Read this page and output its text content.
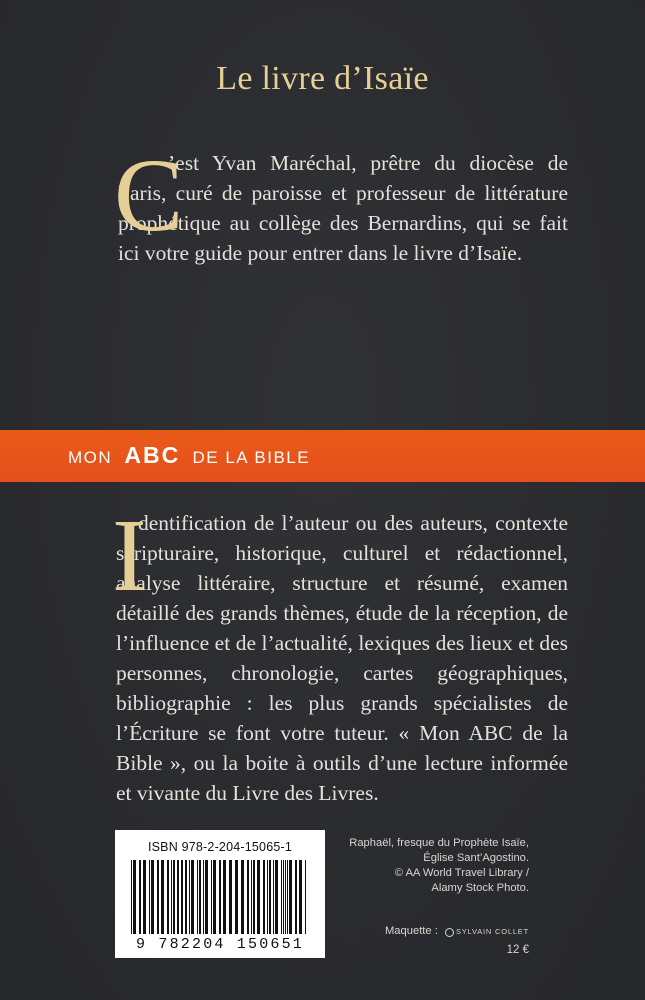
Le livre d’Isaïe
C
’est Yvan Maréchal, prêtre du diocèse de Paris, curé de paroisse et professeur de littérature prophétique au collège des Bernardins, qui se fait ici votre guide pour entrer dans le livre d’Isaïe.
MON ABC DE LA BIBLE
I
dentification de l’auteur ou des auteurs, contexte scripturaire, historique, culturel et rédactionnel, analyse littéraire, structure et résumé, examen détaillé des grands thèmes, étude de la réception, de l’influence et de l’actualité, lexiques des lieux et des personnes, chronologie, cartes géographiques, bibliographie : les plus grands spécialistes de l’Écriture se font votre tuteur. « Mon ABC de la Bible », ou la boite à outils d’une lecture informée et vivante du Livre des Livres.
ISBN 978-2-204-15065-1
9 782204 150651
Raphaël, fresque du Prophète Isaïe,
Église Sant’Agostino.
© AA World Travel Library /
Alamy Stock Photo.
Maquette : SYLVAIN COLLET
12 €
